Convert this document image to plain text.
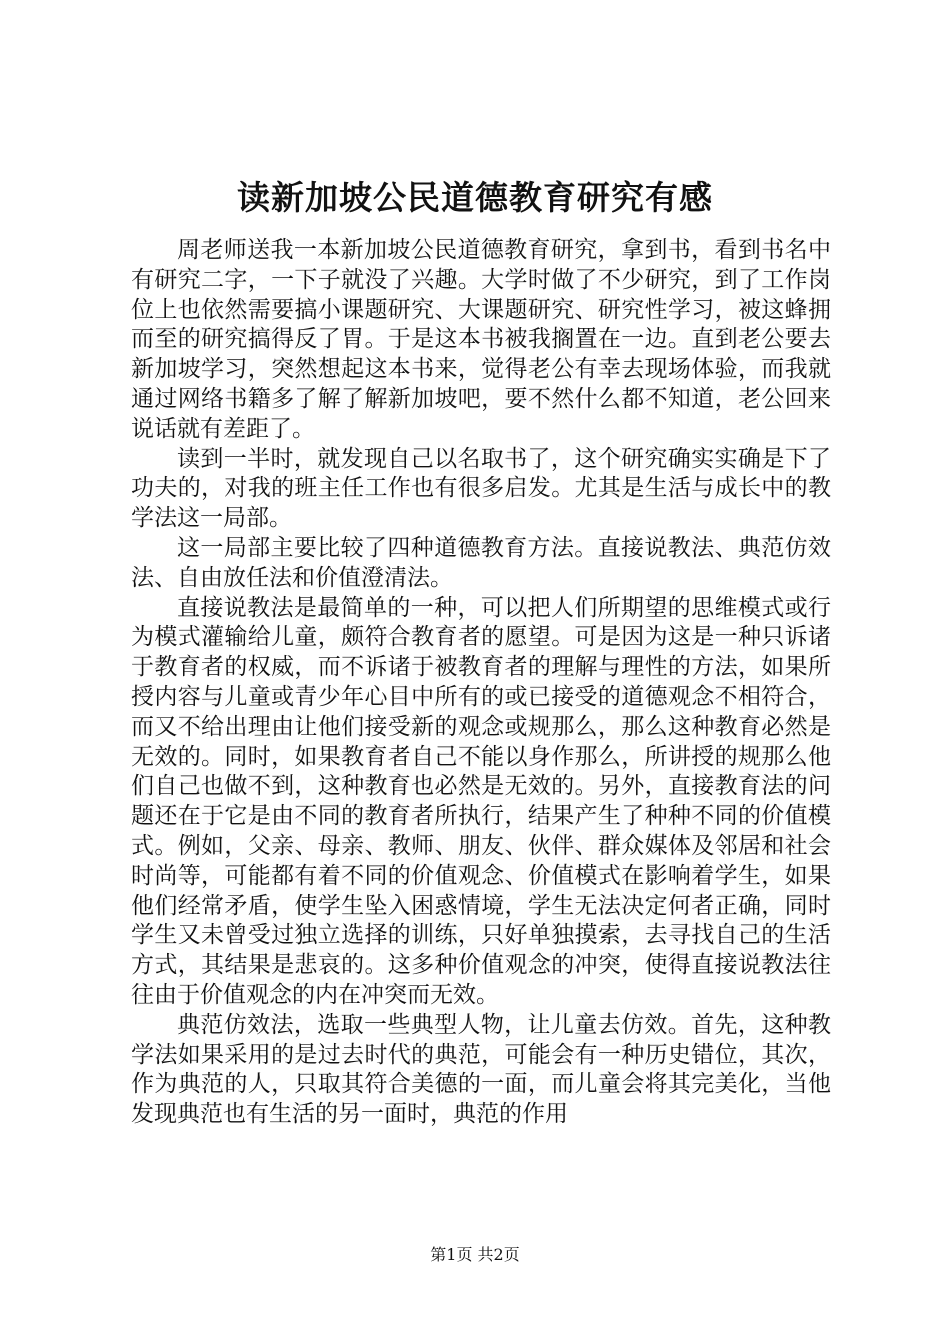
读新加坡公民道德教育研究有感

周老师送我一本新加坡公民道德教育研究，拿到书，看到书名中有研究二字，一下子就没了兴趣。大学时做了不少研究，到了工作岗位上也依然需要搞小课题研究、大课题研究、研究性学习，被这蜂拥而至的研究搞得反了胃。于是这本书被我搁置在一边。直到老公要去新加坡学习，突然想起这本书来，觉得老公有幸去现场体验，而我就通过网络书籍多了解了解新加坡吧，要不然什么都不知道，老公回来说话就有差距了。

读到一半时，就发现自己以名取书了，这个研究确实实确是下了功夫的，对我的班主任工作也有很多启发。尤其是生活与成长中的教学法这一局部。

这一局部主要比较了四种道德教育方法。直接说教法、典范仿效法、自由放任法和价值澄清法。

直接说教法是最简单的一种，可以把人们所期望的思维模式或行为模式灌输给儿童，颇符合教育者的愿望。可是因为这是一种只诉诸于教育者的权威，而不诉诸于被教育者的理解与理性的方法，如果所授内容与儿童或青少年心目中所有的或已接受的道德观念不相符合，而又不给出理由让他们接受新的观念或规那么，那么这种教育必然是无效的。同时，如果教育者自己不能以身作那么，所讲授的规那么他们自己也做不到，这种教育也必然是无效的。另外，直接教育法的问题还在于它是由不同的教育者所执行，结果产生了种种不同的价值模式。例如，父亲、母亲、教师、朋友、伙伴、群众媒体及邻居和社会时尚等，可能都有着不同的价值观念、价值模式在影响着学生，如果他们经常矛盾，使学生坠入困惑情境，学生无法决定何者正确，同时学生又未曾受过独立选择的训练，只好单独摸索，去寻找自己的生活方式，其结果是悲哀的。这多种价值观念的冲突，使得直接说教法往往由于价值观念的内在冲突而无效。

典范仿效法，选取一些典型人物，让儿童去仿效。首先，这种教学法如果采用的是过去时代的典范，可能会有一种历史错位，其次，作为典范的人，只取其符合美德的一面，而儿童会将其完美化，当他发现典范也有生活的另一面时，典范的作用

第1页 共2页
